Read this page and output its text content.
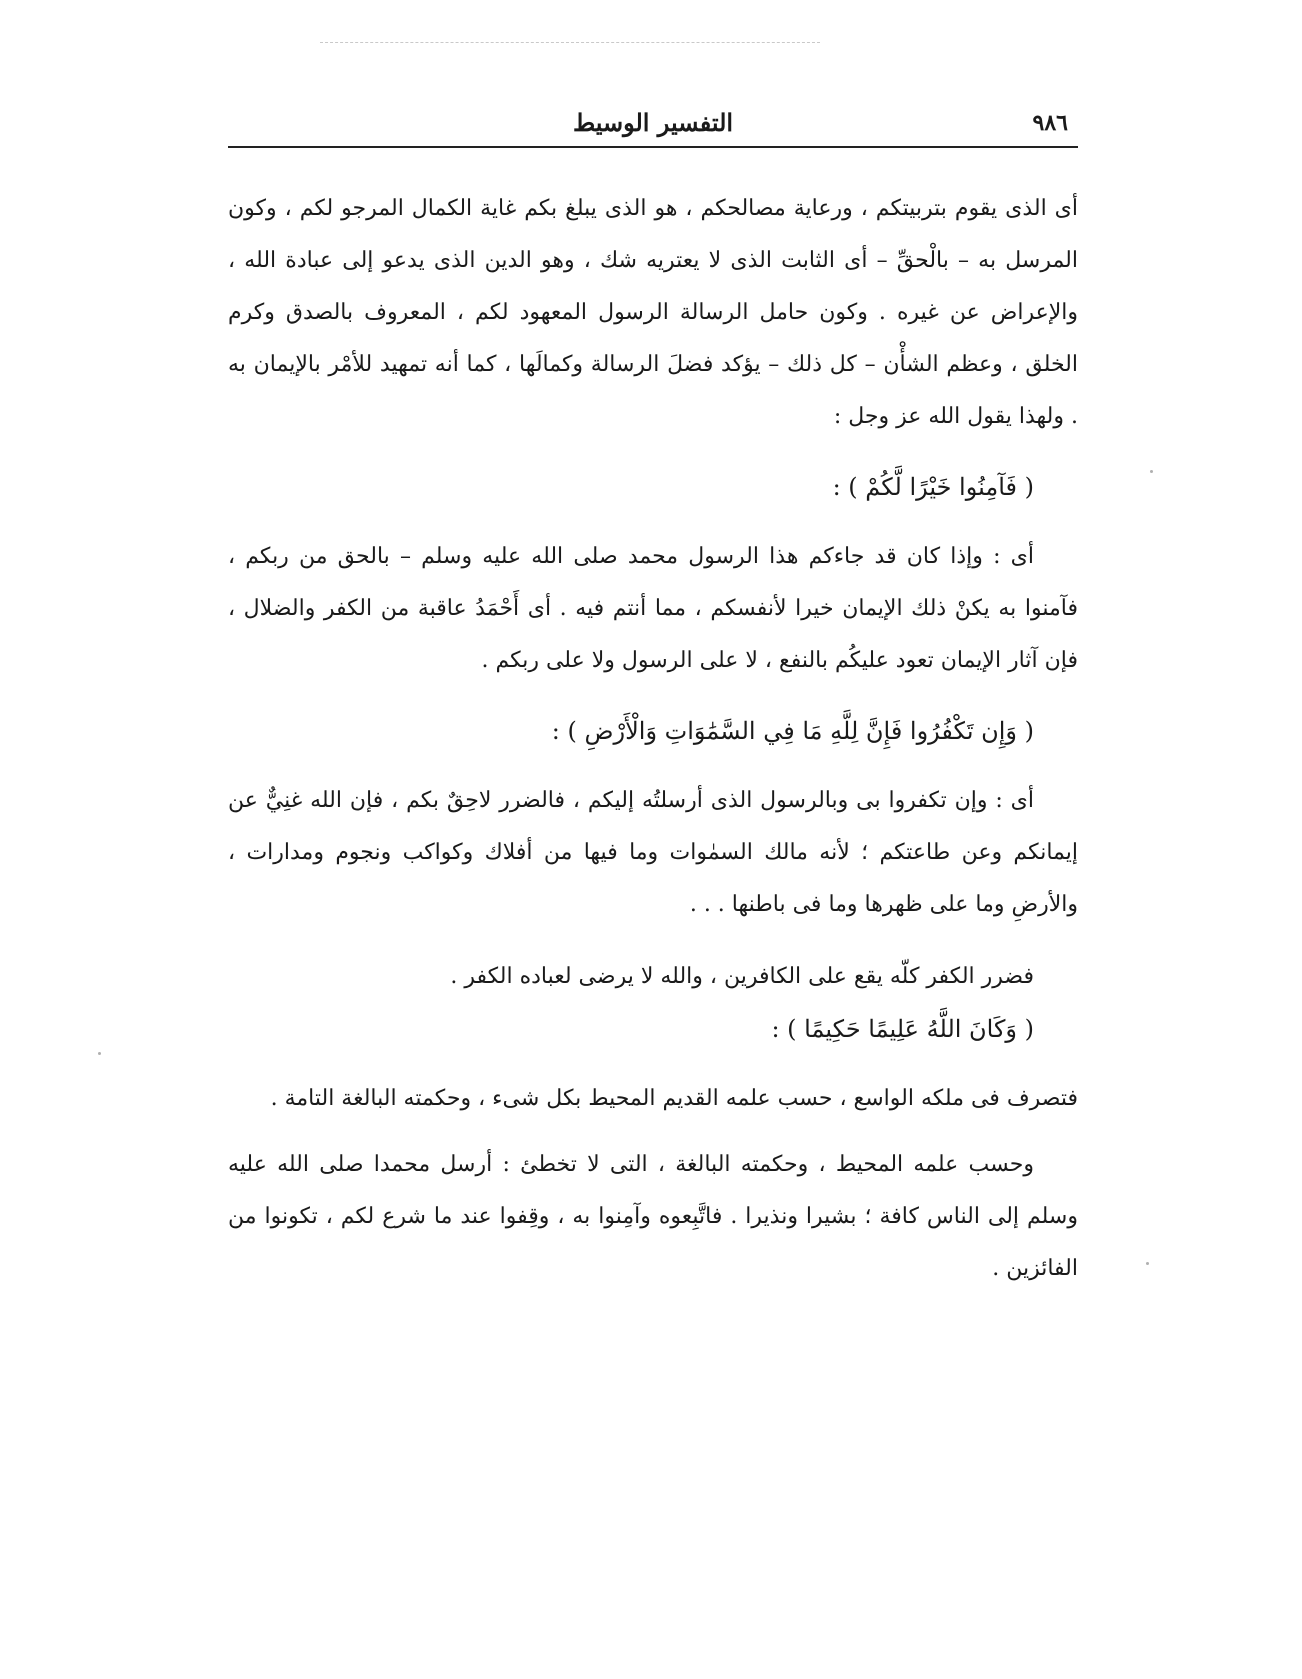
التفسير الوسيط	٩٨٦

أى الذى يقوم بتربيتكم ، ورعاية مصالحكم ، هو الذى يبلغ بكم غاية الكمال المرجو لكم ، وكون المرسل به – بالْحقِّ – أى الثابت الذى لا يعتريه شك ، وهو الدين الذى يدعو إلى عبادة الله ، والإعراض عن غيره . وكون حامل الرسالة الرسول المعهود لكم ، المعروف بالصدق وكرم الخلق ، وعظم الشأْن – كل ذلك – يؤكد فضلَ الرسالة وكمالَها ، كما أنه تمهيد للأمْر بالإيمان به . ولهذا يقول الله عز وجل :

( فَآمِنُوا خَيْرًا لَّكُمْ ) :

أى : وإذا كان قد جاءكم هذا الرسول محمد صلى الله عليه وسلم – بالحق من ربكم ، فآمنوا به يكنْ ذلك الإيمان خيرا لأنفسكم ، مما أنتم فيه . أى أَحْمَدُ عاقبة من الكفر والضلال ، فإن آثار الإيمان تعود عليكُم بالنفع ، لا على الرسول ولا على ربكم .

( وَإِن تَكْفُرُوا فَإِنَّ لِلَّهِ مَا فِي السَّمَٰوَاتِ وَالْأَرْضِ ) :

أى : وإن تكفروا بى وبالرسول الذى أرسلتُه إليكم ، فالضرر لاحِقٌ بكم ، فإن الله غنِيٌّ عن إيمانكم وعن طاعتكم ؛ لأنه مالك السمٰوات وما فيها من أفلاك وكواكب ونجوم ومدارات ، والأرضِ وما على ظهرها وما فى باطنها . . .

فضرر الكفر كلّه يقع على الكافرين ، والله لا يرضى لعباده الكفر .

( وَكَانَ اللَّهُ عَلِيمًا حَكِيمًا ) :

فتصرف فى ملكه الواسع ، حسب علمه القديم المحيط بكل شىء ، وحكمته البالغة التامة .

وحسب علمه المحيط ، وحكمته البالغة ، التى لا تخطئ : أرسل محمدا صلى الله عليه وسلم إلى الناس كافة ؛ بشيرا ونذيرا . فاتَّبِعوه وآمِنوا به ، وقِفوا عند ما شرع لكم ، تكونوا من الفائزين .
